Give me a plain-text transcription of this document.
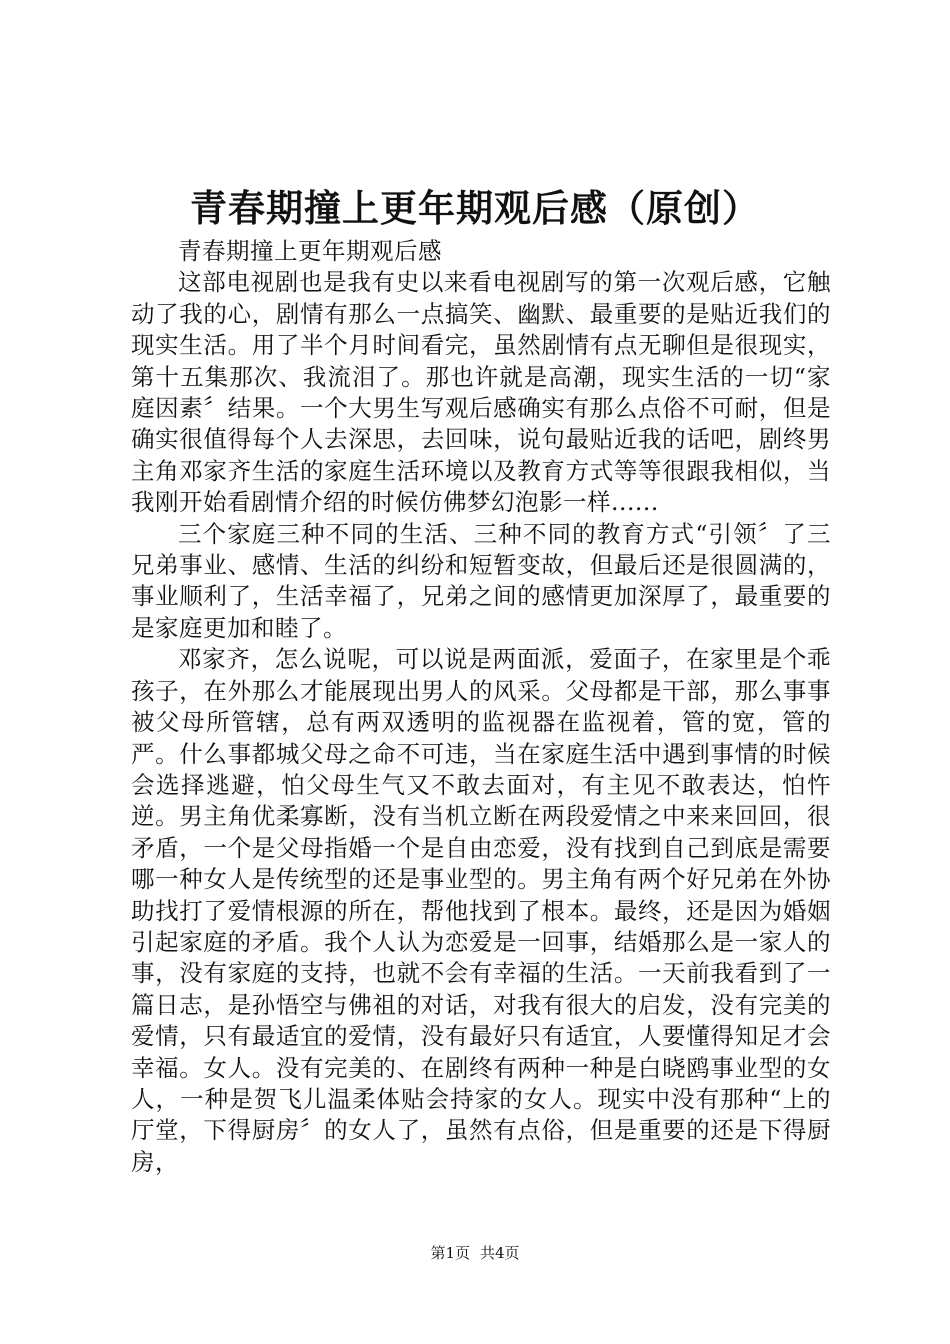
青春期撞上更年期观后感（原创）

青春期撞上更年期观后感

这部电视剧也是我有史以来看电视剧写的第一次观后感，它触动了我的心，剧情有那么一点搞笑、幽默、最重要的是贴近我们的现实生活。用了半个月时间看完，虽然剧情有点无聊但是很现实，第十五集那次、我流泪了。那也许就是高潮，现实生活的一切“家庭因素〞结果。一个大男生写观后感确实有那么点俗不可耐，但是确实很值得每个人去深思，去回味，说句最贴近我的话吧，剧终男主角邓家齐生活的家庭生活环境以及教育方式等等很跟我相似，当我刚开始看剧情介绍的时候仿佛梦幻泡影一样......

三个家庭三种不同的生活、三种不同的教育方式“引领〞了三兄弟事业、感情、生活的纠纷和短暂变故，但最后还是很圆满的，事业顺利了，生活幸福了，兄弟之间的感情更加深厚了，最重要的是家庭更加和睦了。

邓家齐，怎么说呢，可以说是两面派，爱面子，在家里是个乖孩子，在外那么才能展现出男人的风采。父母都是干部，那么事事被父母所管辖，总有两双透明的监视器在监视着，管的宽，管的严。什么事都城父母之命不可违，当在家庭生活中遇到事情的时候会选择逃避，怕父母生气又不敢去面对，有主见不敢表达，怕忤逆。男主角优柔寡断，没有当机立断在两段爱情之中来来回回，很矛盾，一个是父母指婚一个是自由恋爱，没有找到自己到底是需要哪一种女人是传统型的还是事业型的。男主角有两个好兄弟在外协助找打了爱情根源的所在，帮他找到了根本。最终，还是因为婚姻引起家庭的矛盾。我个人认为恋爱是一回事，结婚那么是一家人的事，没有家庭的支持，也就不会有幸福的生活。一天前我看到了一篇日志，是孙悟空与佛祖的对话，对我有很大的启发，没有完美的爱情，只有最适宜的爱情，没有最好只有适宜，人要懂得知足才会幸福。女人。没有完美的、在剧终有两种一种是白晓鸥事业型的女人，一种是贺飞儿温柔体贴会持家的女人。现实中没有那种“上的厅堂，下得厨房〞的女人了，虽然有点俗，但是重要的还是下得厨房，

第1页 共4页
